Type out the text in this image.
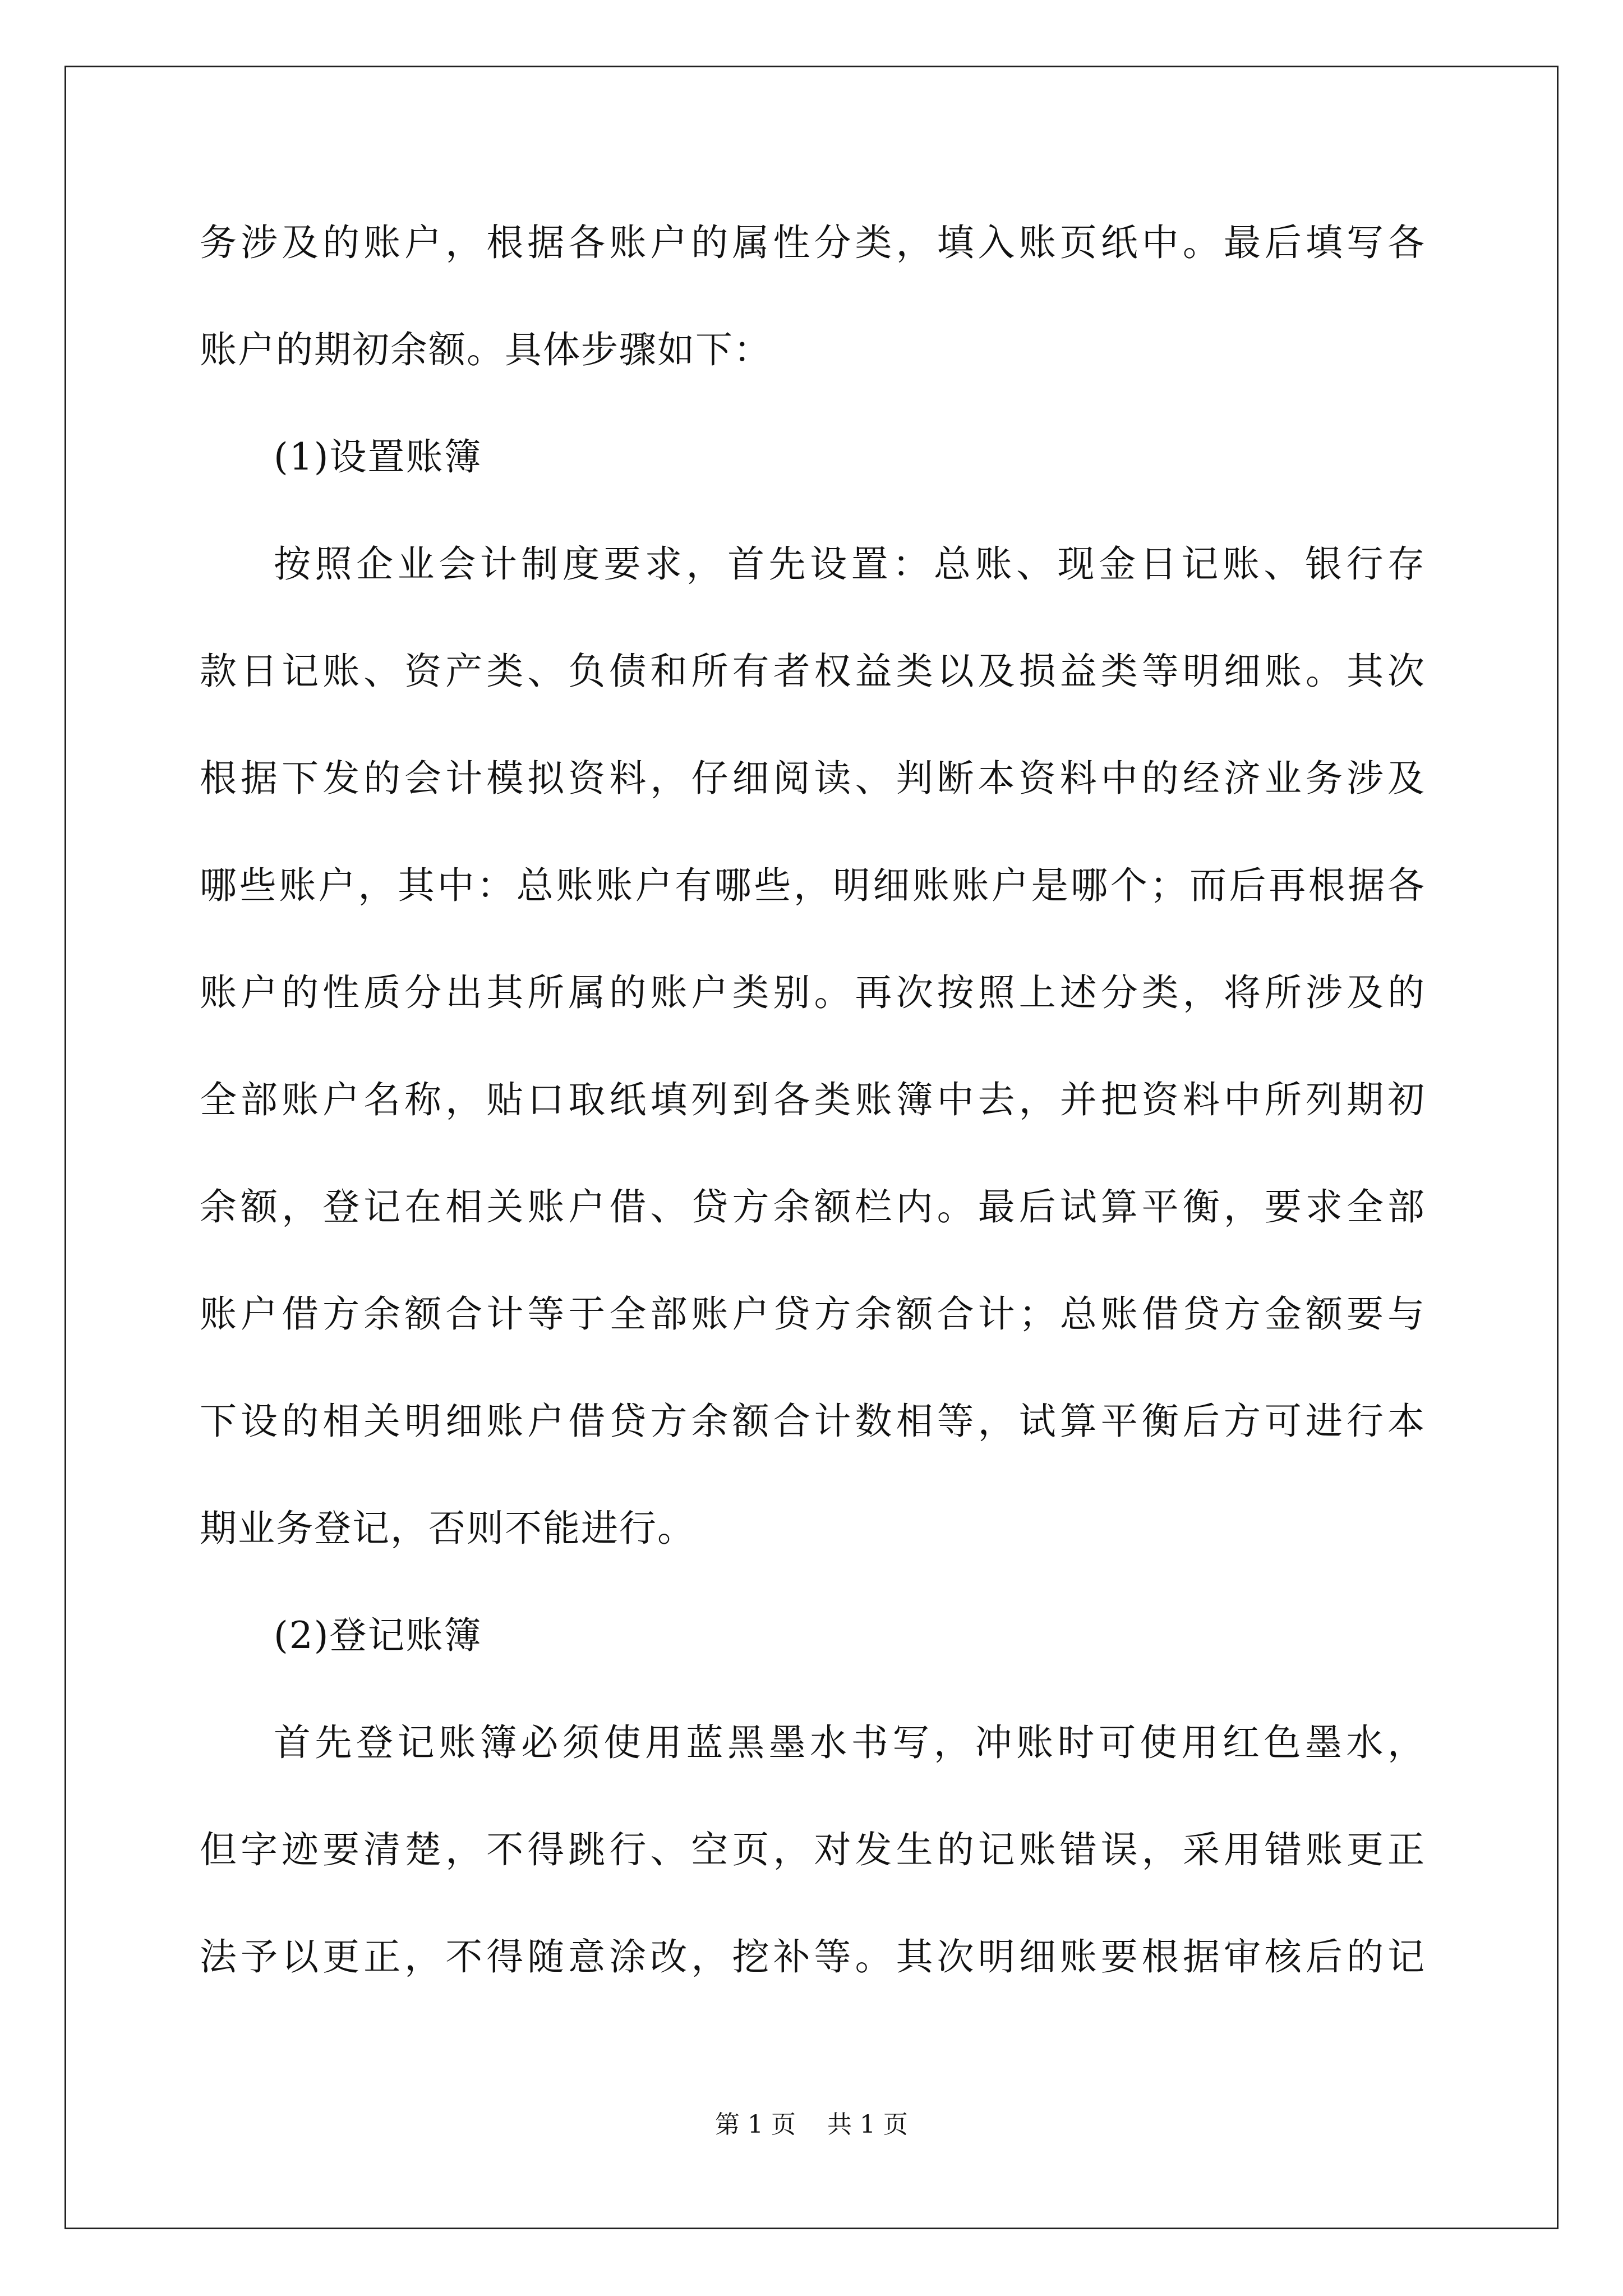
务涉及的账户，根据各账户的属性分类，填入账页纸中。最后填写各
账户的期初余额。具体步骤如下：
(1)设置账簿
按照企业会计制度要求，首先设置：总账、现金日记账、银行存
款日记账、资产类、负债和所有者权益类以及损益类等明细账。其次
根据下发的会计模拟资料，仔细阅读、判断本资料中的经济业务涉及
哪些账户，其中：总账账户有哪些，明细账账户是哪个；而后再根据各
账户的性质分出其所属的账户类别。再次按照上述分类，将所涉及的
全部账户名称，贴口取纸填列到各类账簿中去，并把资料中所列期初
余额，登记在相关账户借、贷方余额栏内。最后试算平衡，要求全部
账户借方余额合计等于全部账户贷方余额合计；总账借贷方金额要与
下设的相关明细账户借贷方余额合计数相等，试算平衡后方可进行本
期业务登记，否则不能进行。
(2)登记账簿
首先登记账簿必须使用蓝黑墨水书写，冲账时可使用红色墨水，
但字迹要清楚，不得跳行、空页，对发生的记账错误，采用错账更正
法予以更正，不得随意涂改，挖补等。其次明细账要根据审核后的记
第 1 页    共 1 页
